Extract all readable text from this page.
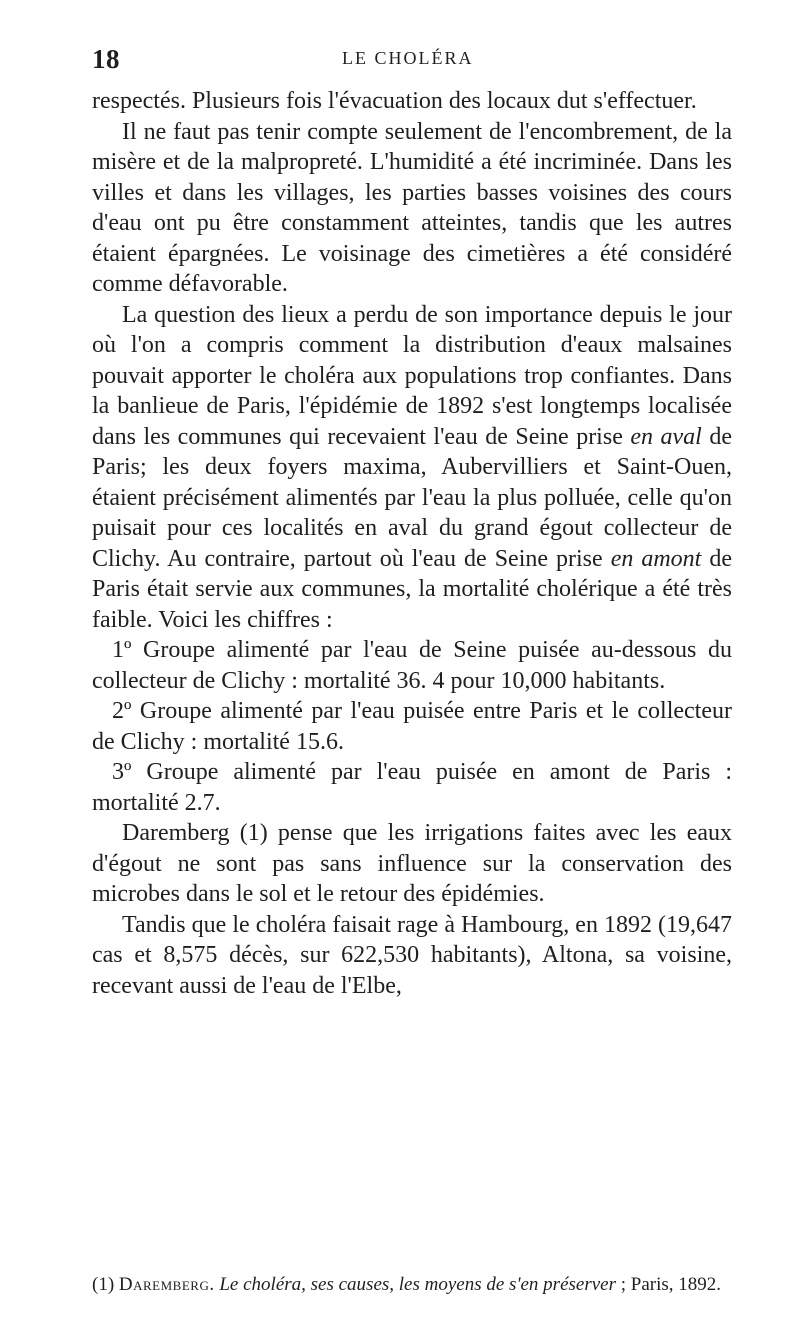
18	LE CHOLÉRA

respectés. Plusieurs fois l'évacuation des locaux dut s'effectuer.

Il ne faut pas tenir compte seulement de l'encombrement, de la misère et de la malpropreté. L'humidité a été incriminée. Dans les villes et dans les villages, les parties basses voisines des cours d'eau ont pu être constamment atteintes, tandis que les autres étaient épargnées. Le voisinage des cimetières a été considéré comme défavorable.

La question des lieux a perdu de son importance depuis le jour où l'on a compris comment la distribution d'eaux malsaines pouvait apporter le choléra aux populations trop confiantes. Dans la banlieue de Paris, l'épidémie de 1892 s'est longtemps localisée dans les communes qui recevaient l'eau de Seine prise en aval de Paris; les deux foyers maxima, Aubervilliers et Saint-Ouen, étaient précisément alimentés par l'eau la plus polluée, celle qu'on puisait pour ces localités en aval du grand égout collecteur de Clichy. Au contraire, partout où l'eau de Seine prise en amont de Paris était servie aux communes, la mortalité cholérique a été très faible. Voici les chiffres :

1º Groupe alimenté par l'eau de Seine puisée au-dessous du collecteur de Clichy : mortalité 36. 4 pour 10,000 habitants.

2º Groupe alimenté par l'eau puisée entre Paris et le collecteur de Clichy : mortalité 15.6.

3º Groupe alimenté par l'eau puisée en amont de Paris : mortalité 2.7.

Daremberg (1) pense que les irrigations faites avec les eaux d'égout ne sont pas sans influence sur la conservation des microbes dans le sol et le retour des épidémies.

Tandis que le choléra faisait rage à Hambourg, en 1892 (19,647 cas et 8,575 décès, sur 622,530 habitants), Altona, sa voisine, recevant aussi de l'eau de l'Elbe,

(1) Daremberg. Le choléra, ses causes, les moyens de s'en préserver ; Paris, 1892.
